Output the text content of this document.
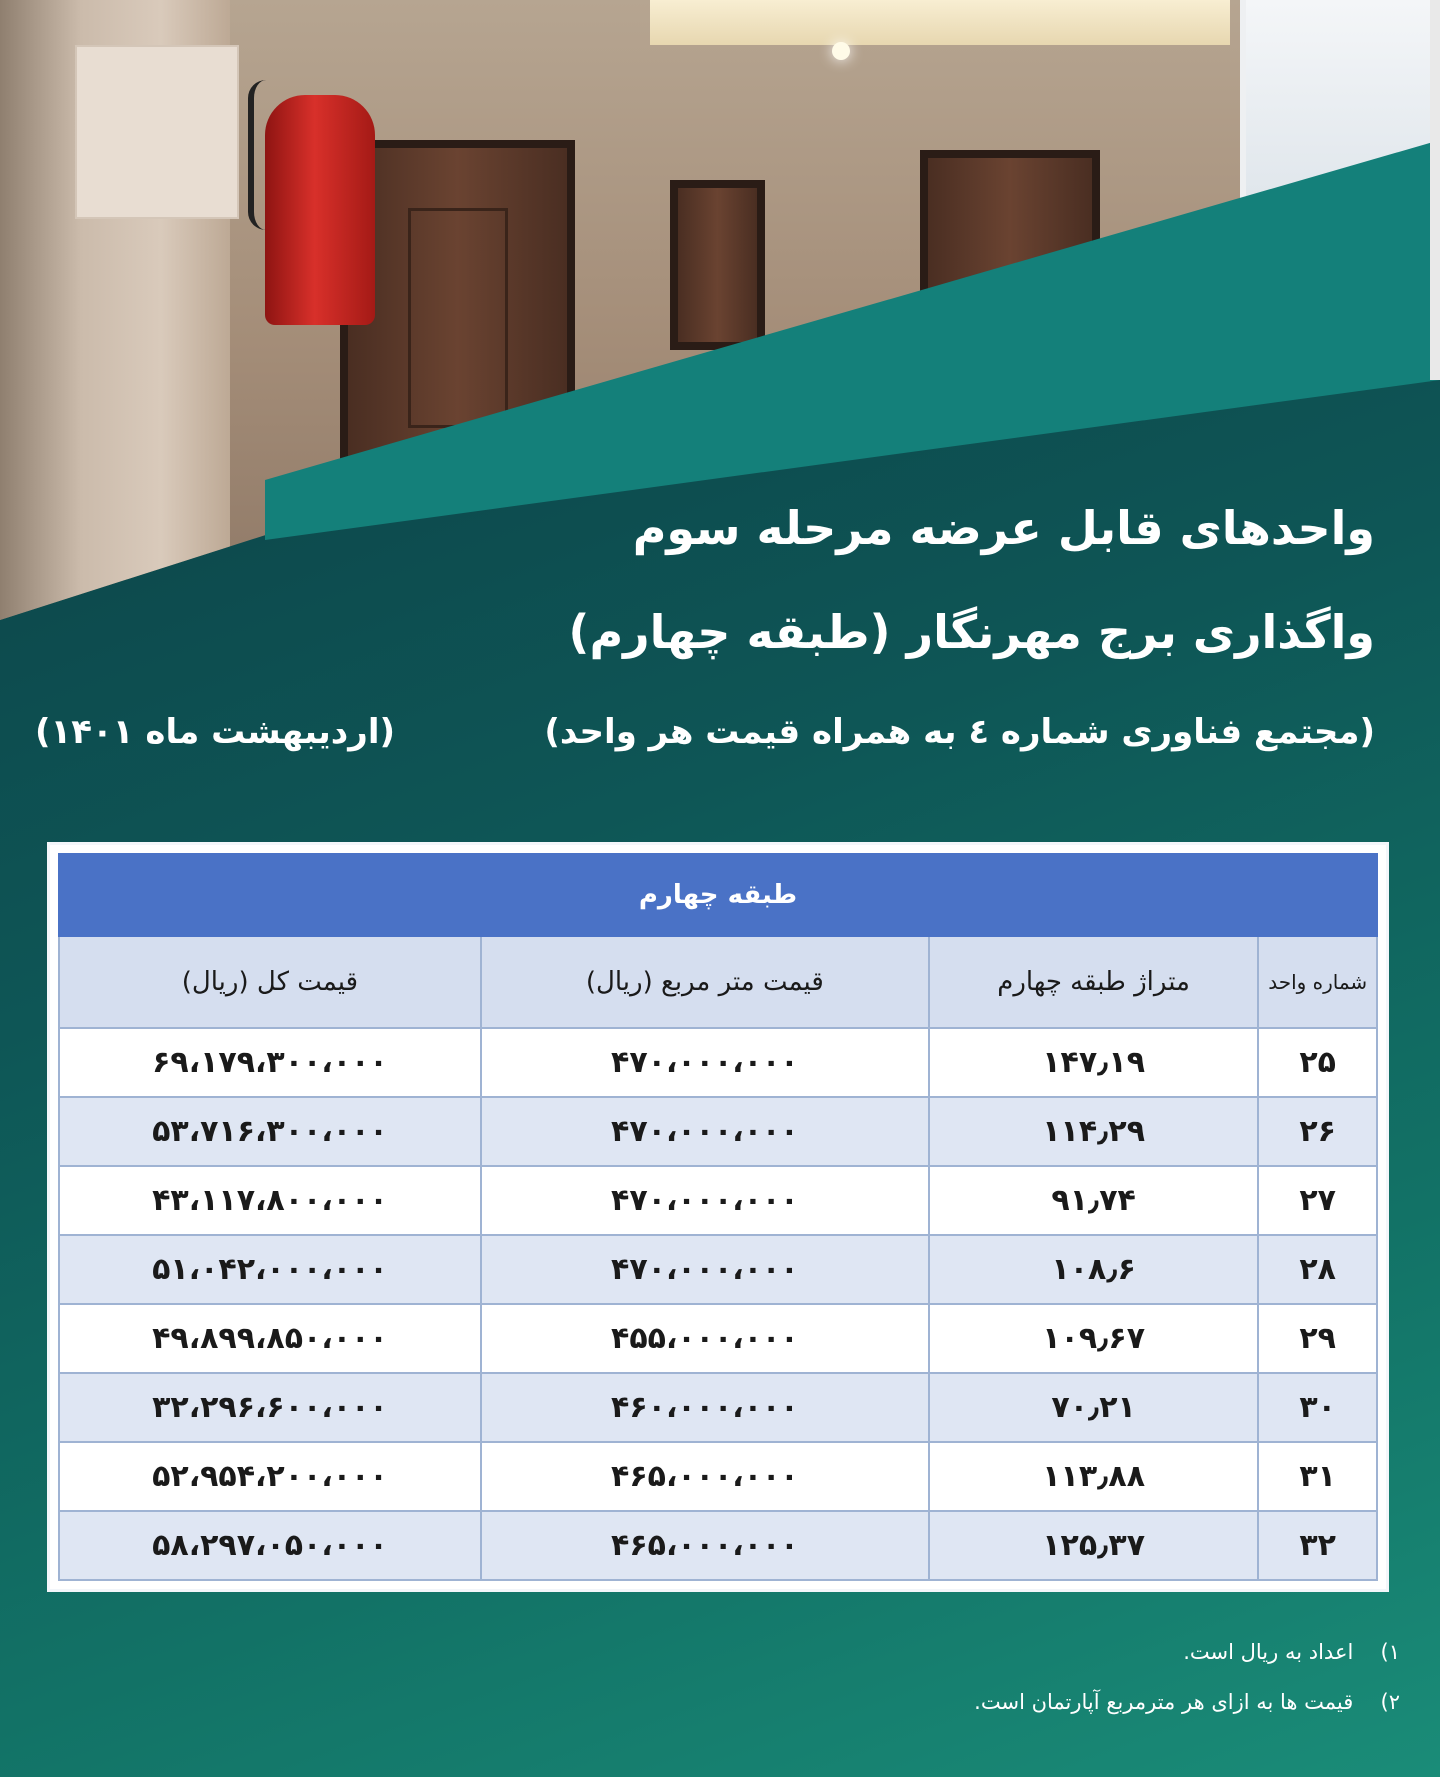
واحدهای قابل عرضه مرحله سوم
واگذاری برج مهرنگار (طبقه چهارم)
(مجتمع فناوری شماره ٤ به همراه قیمت هر واحد)
(اردیبهشت ماه ۱۴۰۱)
طبقه چهارم			
شماره واحد	متراژ طبقه چهارم	قیمت متر مربع (ریال)	قیمت کل (ریال)
۲۵	۱۴۷٫۱۹	۴۷۰،۰۰۰،۰۰۰	۶۹،۱۷۹،۳۰۰،۰۰۰
۲۶	۱۱۴٫۲۹	۴۷۰،۰۰۰،۰۰۰	۵۳،۷۱۶،۳۰۰،۰۰۰
۲۷	۹۱٫۷۴	۴۷۰،۰۰۰،۰۰۰	۴۳،۱۱۷،۸۰۰،۰۰۰
۲۸	۱۰۸٫۶	۴۷۰،۰۰۰،۰۰۰	۵۱،۰۴۲،۰۰۰،۰۰۰
۲۹	۱۰۹٫۶۷	۴۵۵،۰۰۰،۰۰۰	۴۹،۸۹۹،۸۵۰،۰۰۰
۳۰	۷۰٫۲۱	۴۶۰،۰۰۰،۰۰۰	۳۲،۲۹۶،۶۰۰،۰۰۰
۳۱	۱۱۳٫۸۸	۴۶۵،۰۰۰،۰۰۰	۵۲،۹۵۴،۲۰۰،۰۰۰
۳۲	۱۲۵٫۳۷	۴۶۵،۰۰۰،۰۰۰	۵۸،۲۹۷،۰۵۰،۰۰۰
۱) اعداد به ریال است.
۲) قیمت ها به ازای هر مترمربع آپارتمان است.
